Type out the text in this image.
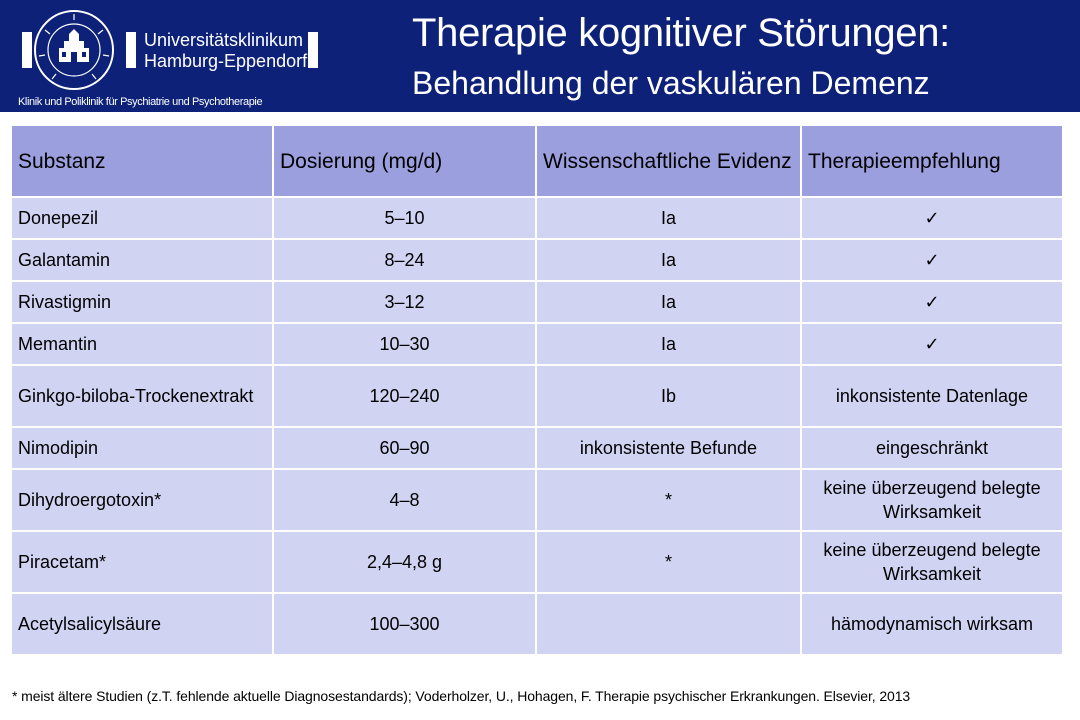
Universitätsklinikum
Hamburg-Eppendorf
Klinik und Poliklinik für Psychiatrie und Psychotherapie
Therapie kognitiver Störungen:
Behandlung der vaskulären Demenz
Substanz	Dosierung (mg/d)	Wissenschaftliche Evidenz	Therapieempfehlung
Donepezil	5–10	Ia	✓
Galantamin	8–24	Ia	✓
Rivastigmin	3–12	Ia	✓
Memantin	10–30	Ia	✓
Ginkgo-biloba-Trockenextrakt	120–240	Ib	inkonsistente Datenlage
Nimodipin	60–90	inkonsistente Befunde	eingeschränkt
Dihydroergotoxin*	4–8	*	keine überzeugend belegte Wirksamkeit
Piracetam*	2,4–4,8 g	*	keine überzeugend belegte Wirksamkeit
Acetylsalicylsäure	100–300		hämodynamisch wirksam
* meist ältere Studien (z.T. fehlende aktuelle Diagnosestandards); Voderholzer, U., Hohagen, F. Therapie psychischer Erkrankungen. Elsevier, 2013
